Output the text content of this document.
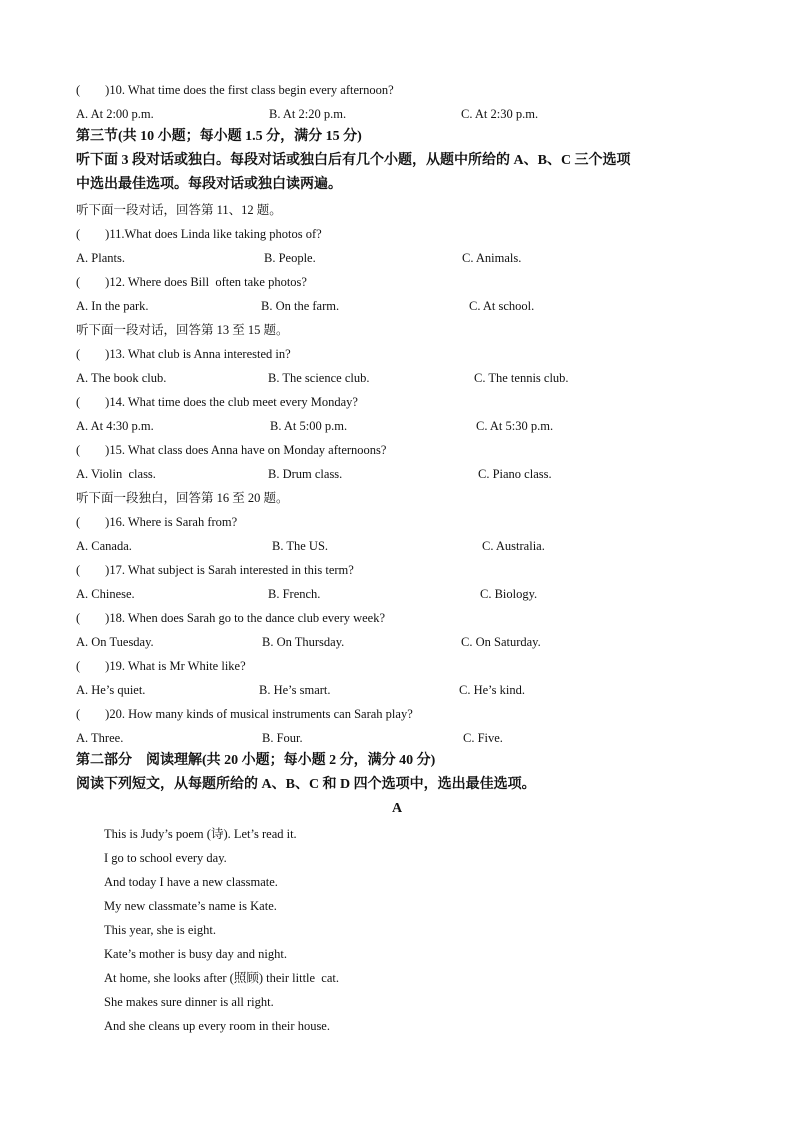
(        )10. What time does the first class begin every afternoon?
A. At 2:00 p.m.	B. At 2:20 p.m.	C. At 2:30 p.m.
第三节(共 10 小题；每小题 1.5 分，满分 15 分)
听下面 3 段对话或独白。每段对话或独白后有几个小题，从题中所给的 A、B、C 三个选项
中选出最佳选项。每段对话或独白读两遍。
听下面一段对话，回答第 11、12 题。
(        )11.What does Linda like taking photos of?
A. Plants.	B. People.	C. Animals.
(        )12. Where does Bill  often take photos?
A. In the park.	B. On the farm.	C. At school.
听下面一段对话，回答第 13 至 15 题。
(        )13. What club is Anna interested in?
A. The book club.	B. The science club.	C. The tennis club.
(        )14. What time does the club meet every Monday?
A. At 4:30 p.m.	B. At 5:00 p.m.	C. At 5:30 p.m.
(        )15. What class does Anna have on Monday afternoons?
A. Violin  class.	B. Drum class.	C. Piano class.
听下面一段独白，回答第 16 至 20 题。
(        )16. Where is Sarah from?
A. Canada.	B. The US.	C. Australia.
(        )17. What subject is Sarah interested in this term?
A. Chinese.	B. French.	C. Biology.
(        )18. When does Sarah go to the dance club every week?
A. On Tuesday.	B. On Thursday.	C. On Saturday.
(        )19. What is Mr White like?
A. He’s quiet.	B. He’s smart.	C. He’s kind.
(        )20. How many kinds of musical instruments can Sarah play?
A. Three.	B. Four.	C. Five.
第二部分    阅读理解(共 20 小题；每小题 2 分，满分 40 分)
阅读下列短文，从每题所给的 A、B、C 和 D 四个选项中，选出最佳选项。
A
This is Judy’s poem (诗). Let’s read it.
I go to school every day.
And today I have a new classmate.
My new classmate’s name is Kate.
This year, she is eight.
Kate’s mother is busy day and night.
At home, she looks after (照顾) their little  cat.
She makes sure dinner is all right.
And she cleans up every room in their house.
